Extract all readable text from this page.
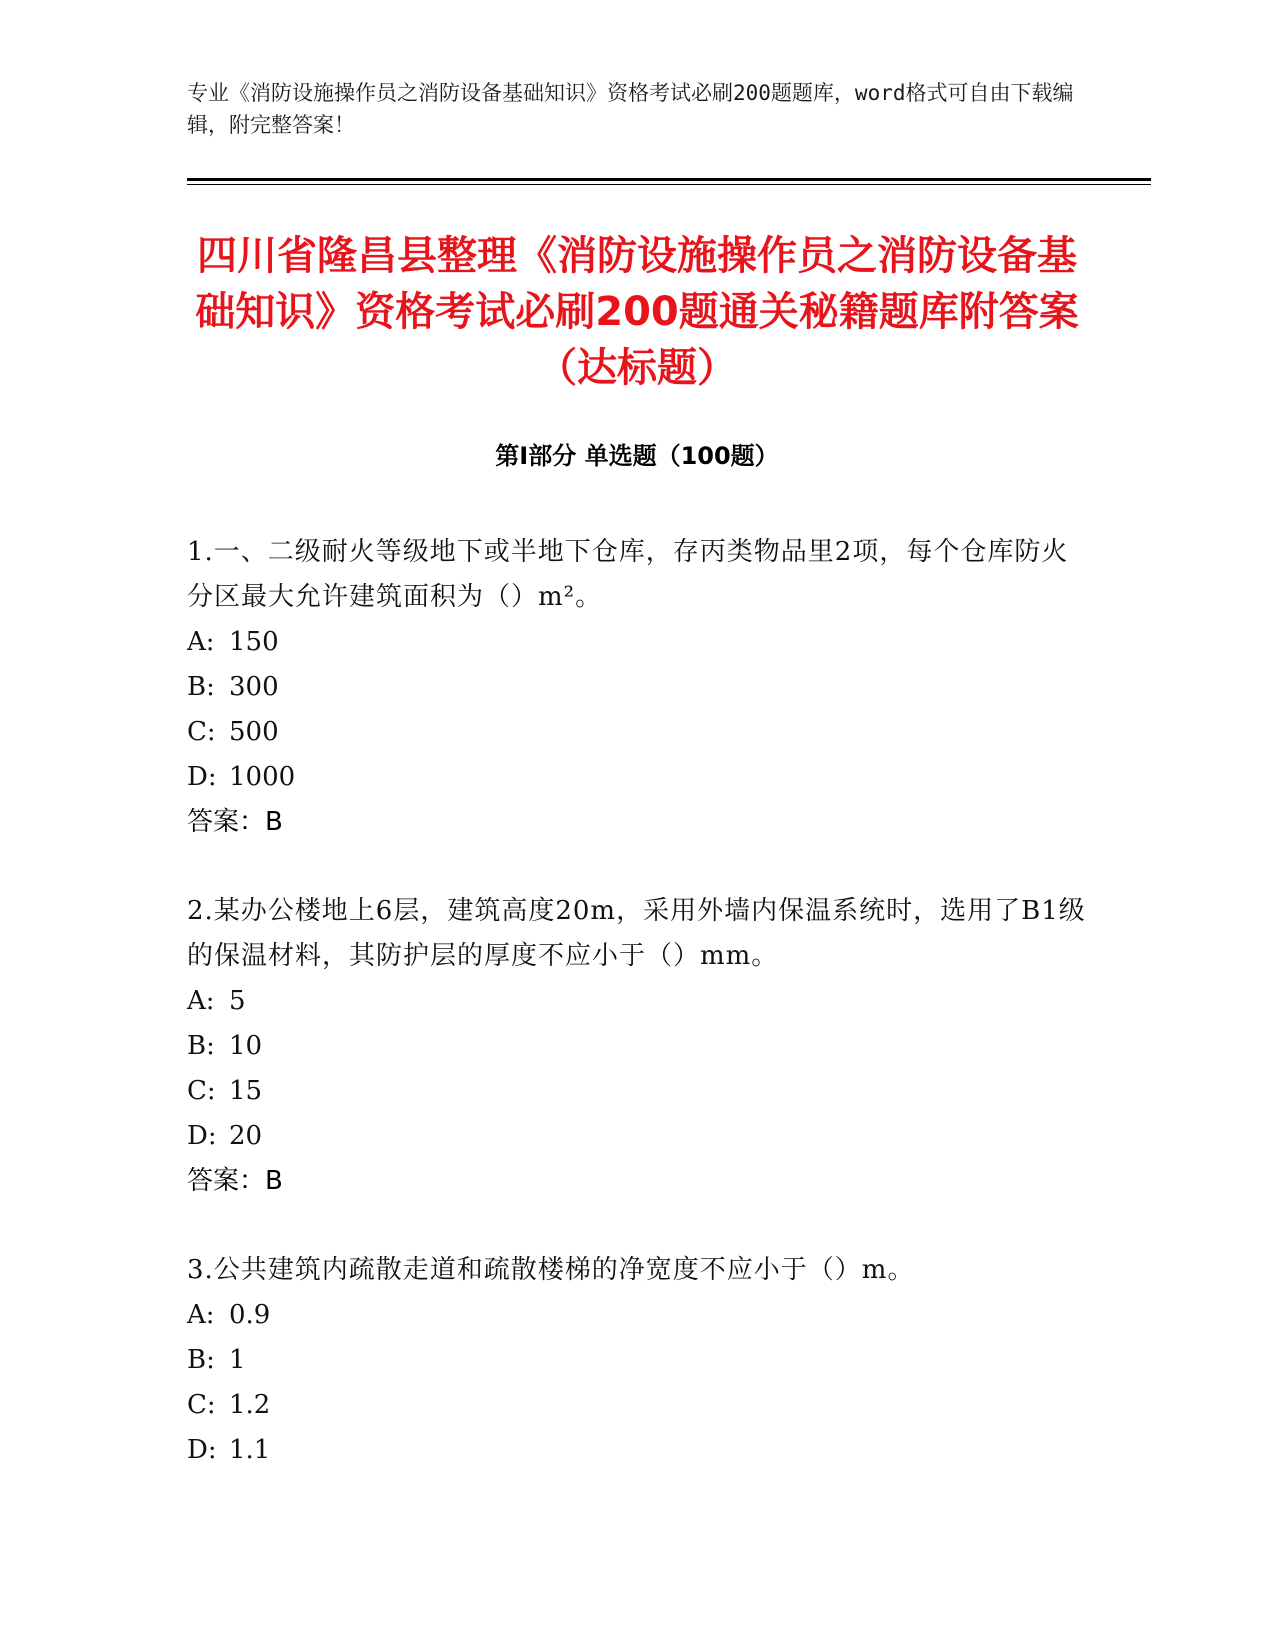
专业《消防设施操作员之消防设备基础知识》资格考试必刷200题题库，word格式可自由下载编辑，附完整答案！
四川省隆昌县整理《消防设施操作员之消防设备基础知识》资格考试必刷200题通关秘籍题库附答案（达标题）
第Ⅰ部分 单选题（100题）
1.一、二级耐火等级地下或半地下仓库，存丙类物品里2项，每个仓库防火分区最大允许建筑面积为（）m²。
A: 150
B: 300
C: 500
D: 1000
答案：B
2.某办公楼地上6层，建筑高度20m，采用外墙内保温系统时，选用了B1级的保温材料，其防护层的厚度不应小于（）mm。
A: 5
B: 10
C: 15
D: 20
答案：B
3.公共建筑内疏散走道和疏散楼梯的净宽度不应小于（）m。
A: 0.9
B: 1
C: 1.2
D: 1.1
